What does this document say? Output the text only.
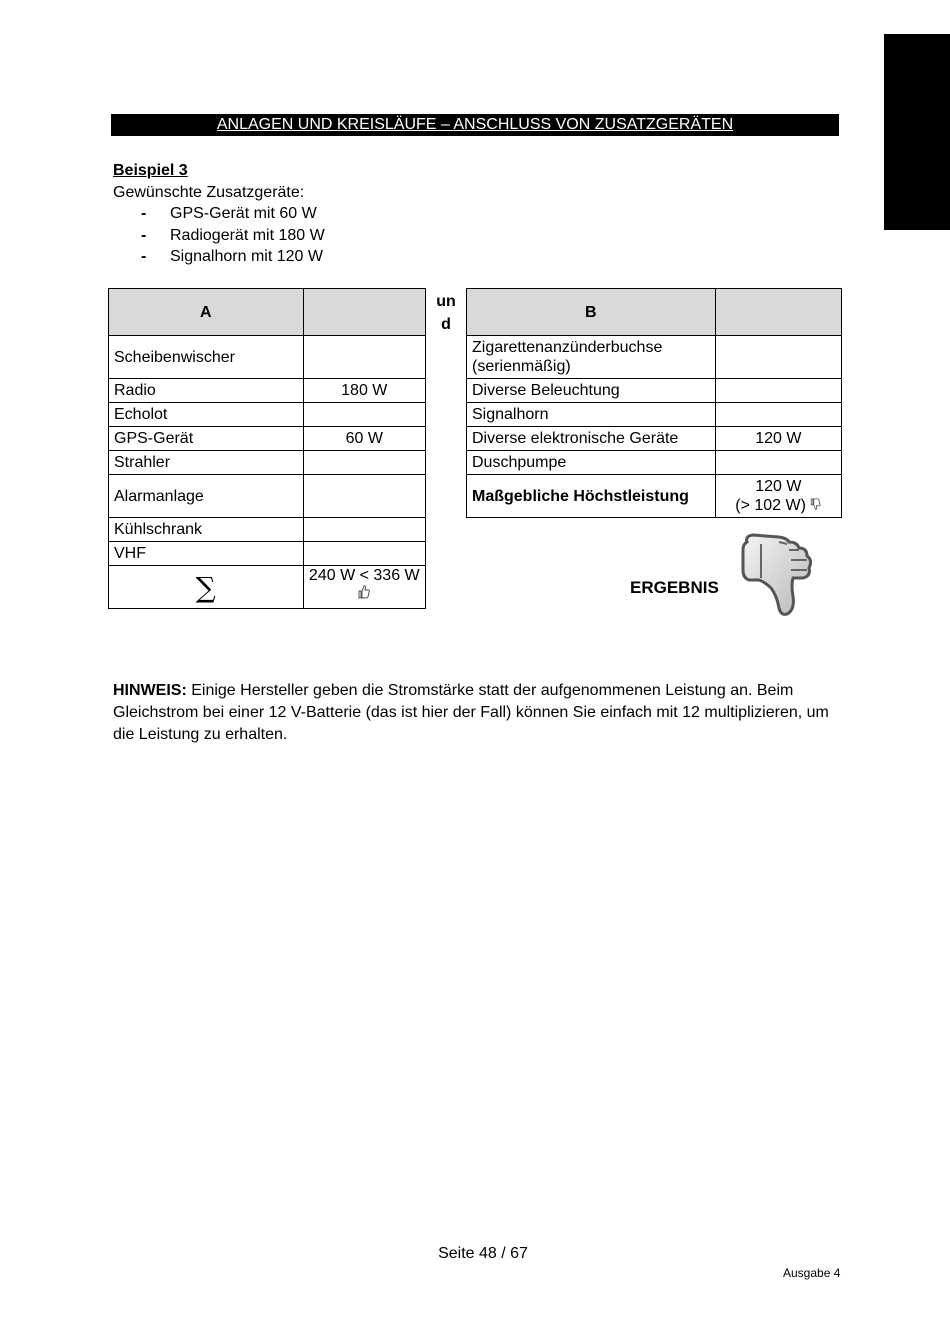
ANLAGEN UND KREISLÄUFE – ANSCHLUSS VON ZUSATZGERÄTEN
Beispiel 3
Gewünschte Zusatzgeräte:
- GPS-Gerät mit 60 W
- Radiogerät mit 180 W
- Signalhorn mit 120 W
A	
Scheibenwischer	
Radio	180 W
Echolot	
GPS-Gerät	60 W
Strahler	
Alarmanlage	
Kühlschrank	
VHF	
∑	240 W < 336 W
un
d
B	

Zigarettenanzünderbuchse
(serienmäßig)	

Diverse Beleuchtung	
Signalhorn	
Diverse elektronische Geräte	120 W
Duschpumpe	
Maßgebliche Höchstleistung	120 W
(> 102 W)
ERGEBNIS
HINWEIS: Einige Hersteller geben die Stromstärke statt der aufgenommenen Leistung an. Beim Gleichstrom bei einer 12 V-Batterie (das ist hier der Fall) können Sie einfach mit 12 multiplizieren, um die Leistung zu erhalten.
Seite 48 / 67
Ausgabe 4
